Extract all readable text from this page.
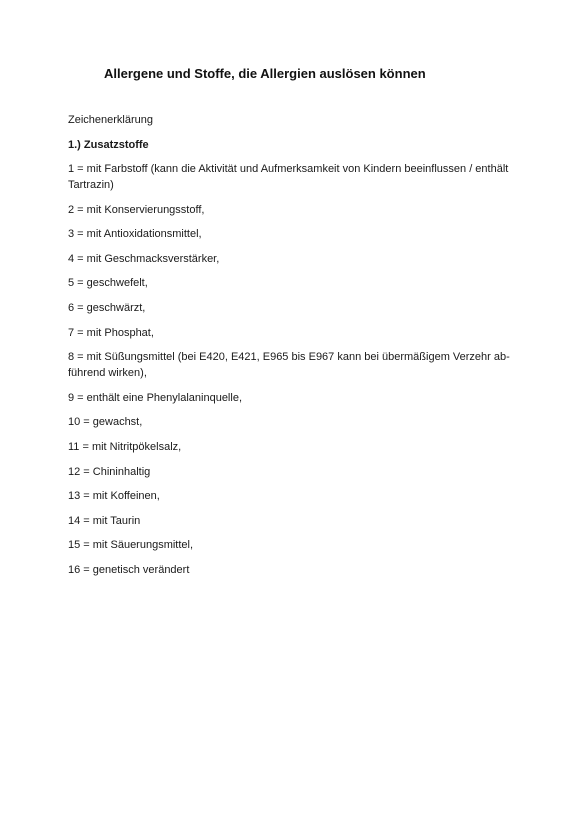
Allergene und Stoffe, die Allergien auslösen können

Zeichenerklärung

1.) Zusatzstoffe

1 = mit Farbstoff (kann die Aktivität und Aufmerksamkeit von Kindern beeinflussen / enthält Tartrazin)
2 = mit Konservierungsstoff,
3 = mit Antioxidationsmittel,
4 = mit Geschmacksverstärker,
5 = geschwefelt,
6 = geschwärzt,
7 = mit Phosphat,
8 = mit Süßungsmittel (bei E420, E421, E965 bis E967 kann bei übermäßigem Verzehr ab-führend wirken),
9 = enthält eine Phenylalaninquelle,
10 = gewachst,
11 = mit Nitritpökelsalz,
12 = Chininhaltig
13 = mit Koffeinen,
14 = mit Taurin
15 = mit Säuerungsmittel,
16 = genetisch verändert
